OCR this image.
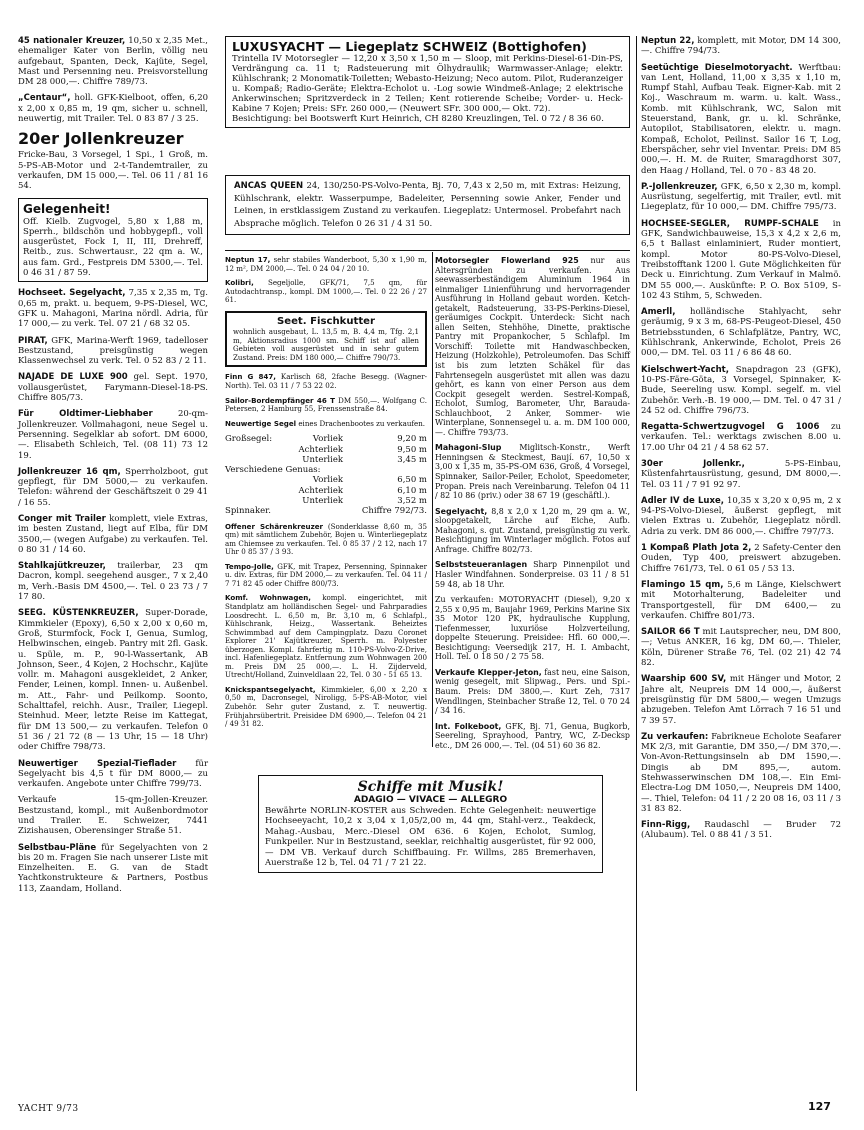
45 nationaler Kreuzer, 10,50 x 2,35 Met., ehemaliger Kater von Berlin, völlig neu aufgebaut, Spanten, Deck, Kajüte, Segel, Mast und Persenning neu. Preisvorstellung DM 28 000,—. Chiffre 789/73.
„Centaur“, holl. GFK-Kielboot, offen, 6,20 x 2,00 x 0,85 m, 19 qm, sicher u. schnell, neuwertig, mit Trailer. Tel. 0 83 87 / 3 25.
20er Jollenkreuzer
Fricke-Bau, 3 Vorsegel, 1 Spi., 1 Groß, m. 5-PS-AB-Motor und 2-t-Tandemtrailer, zu verkaufen, DM 15 000,—. Tel. 06 11 / 81 16 54.
Gelegenheit!
Off. Kielb. Zugvogel, 5,80 x 1,88 m, Sperrh., bildschön und hobbygepfl., voll ausgerüstet, Fock I, II, III, Drehreff, Reitb., zus. Schwertausr., 22 qm a. W., aus fam. Grd., Festpreis DM 5300,—. Tel. 0 46 31 / 87 59.
Hochseet. Segelyacht, 7,35 x 2,35 m, Tg. 0,65 m, prakt. u. bequem, 9-PS-Diesel, WC, GFK u. Mahagoni, Marina nördl. Adria, für 17 000,— zu verk. Tel. 07 21 / 68 32 05.
PIRAT, GFK, Marina-Werft 1969, tadelloser Bestzustand, preisgünstig wegen Klassenwechsel zu verk. Tel. 0 52 83 / 2 11.
NAJADE DE LUXE 900 gel. Sept. 1970, vollausgerüstet, Farymann-Diesel-18-PS. Chiffre 805/73.
Für Oldtimer-Liebhaber	20-qm-Jollenkreuzer. Vollmahagoni, neue Segel u. Persenning. Segelklar ab sofort. DM 6000,—. Elisabeth Schleich, Tel. (08 11) 73 12 19.
Jollenkreuzer 16 qm, Sperrholzboot, gut gepflegt, für DM 5000,— zu verkaufen. Telefon: während der Geschäftszeit 0 29 41 / 16 55.
Conger mit Trailer komplett, viele Extras, im besten Zustand, liegt auf Elba, für DM 3500,— (wegen Aufgabe) zu verkaufen. Tel. 0 80 31 / 14 60.
Stahlkajütkreuzer, trailerbar, 23 qm Dacron, kompl. seegehend ausger., 7 x 2,40 m, Verh.-Basis DM 4500,—. Tel. 0 23 73 / 7 17 80.
SEEG. KÜSTENKREUZER, Super-Dorade, Kimmkieler (Epoxy), 6,50 x 2,00 x 0,60 m, Groß, Sturmfock, Fock I, Genua, Sumlog, Helbwinschen, eingeb. Pantry mit 2fl. Gask. u. Spüle, m. P., 90-l-Wassertank, AB Johnson, Seer., 4 Kojen, 2 Hochschr., Kajüte vollr. m. Mahagoni ausgekleidet, 2 Anker, Fender, Leinen, kompl. Innen- u. Außenbel. m. Att., Fahr- und Peilkomp. Soonto, Schalttafel, reichh. Ausr., Trailer, Liegepl. Steinhud. Meer, letzte Reise im Kattegat, für DM 13 500,— zu verkaufen. Telefon 0 51 36 / 21 72 (8 — 13 Uhr, 15 — 18 Uhr) oder Chiffre 798/73.
Neuwertiger Spezial-Tieflader für Segelyacht bis 4,5 t für DM 8000,— zu verkaufen. Angebote unter Chiffre 799/73.
Verkaufe 15-qm-Jollen-Kreuzer. Bestzustand, kompl., mit Außenbordmotor und Trailer. E. Schweizer, 7441 Zizishausen, Oberensinger Straße 51.
Selbstbau-Pläne für Segelyachten von 2 bis 20 m. Fragen Sie nach unserer Liste mit Einzelheiten. E. G. van de Stadt Yachtkonstrukteure & Partners, Postbus 113, Zaandam, Holland.
LUXUSYACHT — Liegeplatz SCHWEIZ (Bottighofen)
Trintella IV Motorsegler — 12,20 x 3,50 x 1,50 m — Sloop, mit Perkins-Diesel-61-Din-PS, Verdrängung ca. 11 t; Radsteuerung mit Ölhydraulik; Warmwasser-Anlage; elektr. Kühlschrank; 2 Monomatik-Toiletten; Webasto-Heizung; Neco autom. Pilot, Ruderanzeiger u. Kompaß; Radio-Geräte; Elektra-Echolot u. -Log sowie Windmeß-Anlage; 2 elektrische Ankerwinschen; Spritzverdeck in 2 Teilen; Kent rotierende Scheibe; Vorder- u. Heck-Kabine 7 Kojen; Preis: SFr. 260 000,— (Neuwert SFr. 300 000,— Okt. 72).
Besichtigung: bei Bootswerft Kurt Heinrich, CH 8280 Kreuzlingen, Tel. 0 72 / 8 36 60.
ANCAS QUEEN 24, 130/250-PS-Volvo-Penta, Bj. 70, 7,43 x 2,50 m, mit Extras: Heizung, Kühlschrank, elektr. Wasserpumpe, Badeleiter, Persenning sowie Anker, Fender und Leinen, in erstklassigem Zustand zu verkaufen. Liegeplatz: Untermosel. Probefahrt nach Absprache möglich. Telefon 0 26 31 / 4 31 50.
Neptun 17, sehr stabiles Wanderboot, 5,30 x 1,90 m, 12 m², DM 2000,—. Tel. 0 24 04 / 20 10.
Kolibri, Segeljolle, GFK/71, 7,5 qm, für Autodachtransp., kompl. DM 1000,—. Tel. 0 22 26 / 27 61.
Seet. Fischkutter
wohnlich ausgebaut, L. 13,5 m, B. 4,4 m, Tfg. 2,1 m, Aktionsradius 1000 sm. Schiff ist auf allen Gebieten voll ausgerüstet und in sehr gutem Zustand. Preis: DM 180 000,— Chiffre 790/73.
Finn G 847, Karlisch 68, 2fache Besegg. (Wagner-North). Tel. 03 11 / 7 53 22 02.
Sailor-Bordempfänger 46 T DM 550,—. Wolfgang C. Petersen, 2 Hamburg 55, Frenssenstraße 84.
Neuwertige Segel eines Drachenbootes zu verkaufen.
Großsegel:	Vorliek	9,20 m
	Achterliek	9,50 m
	Unterliek	3,45 m
Verschiedene Genuas:		
	Vorliek	6,50 m
	Achterliek	6,10 m
	Unterliek	3,52 m
Spinnaker.		Chiffre 792/73.
Offener Schärenkreuzer (Sonderklasse 8,60 m, 35 qm) mit sämtlichem Zubehör, Bojen u. Winterliegeplatz am Chiemsee zu verkaufen. Tel. 0 85 37 / 2 12, nach 17 Uhr 0 85 37 / 3 93.
Tempo-Jolle, GFK, mit Trapez, Persenning, Spinnaker u. div. Extras, für DM 2000,— zu verkaufen. Tel. 04 11 / 7 71 82 45 oder Chiffre 800/73.
Komf. Wohnwagen, kompl. eingerichtet, mit Standplatz am holländischen Segel- und Fahrparadies Loosdrecht. L. 6,50 m, Br. 3,10 m, 6 Schlafpl., Kühlschrank, Heizg., Wassertank. Beheiztes Schwimmbad auf dem Campingplatz. Dazu Coronet Explorer 21' Kajütkreuzer, Sperrh. m. Polyester überzogen. Kompl. fahrfertig m. 110-PS-Volvo-Z-Drive, incl. Hafenliegeplatz. Entfernung zum Wohnwagen 200 m. Preis DM 25 000,—. L. H. Zijderveld, Utrecht/Holland, Zuinveldlaan 22, Tel. 0 30 - 51 65 13.
Knickspantsegelyacht, Kimmkieler, 6,00 x 2,20 x 0,50 m, Dacronsegel, Niroligg, 5-PS-AB-Motor, viel Zubehör. Sehr guter Zustand, z. T. neuwertig. Frühjahrsübertrit. Preisidee DM 6900,—. Telefon 04 21 / 49 31 82.
Motorsegler Flowerland 925 nur aus Altersgründen zu verkaufen. Aus seewasserbeständigem Aluminium 1964 in einmaliger Linienführung und hervorragender Ausführung in Holland gebaut worden. Ketch-getakelt, Radsteuerung, 33-PS-Perkins-Diesel, geräumiges Cockpit. Unterdeck: Sicht nach allen Seiten, Stehhöhe, Dinette, praktische Pantry mit Propankocher, 5 Schlafpl. Im Vorschiff: Toilette mit Handwaschbecken, Heizung (Holzkohle), Petroleumofen. Das Schiff ist bis zum letzten Schäkel für das Fahrtensegeln ausgerüstet mit allen was dazu gehört, es kann von einer Person aus dem Cockpit gesegelt werden. Sestrel-Kompaß, Echolot, Sumlog, Barometer, Uhr, Barauda-Schlauchboot, 2 Anker, Sommer- wie Winterplane, Sonnensegel u. a. m. DM 100 000,—. Chiffre 793/73.
Mahagoni-Slup Miglitsch-Konstr., Werft Henningsen & Steckmest, Baují. 67, 10,50 x 3,00 x 1,35 m, 35-PS-OM 636, Groß, 4 Vorsegel, Spinnaker, Sailor-Peiler, Echolot, Speedometer, Propan. Preis nach Vereinbarung. Telefon 04 11 / 82 10 86 (priv.) oder 38 67 19 (geschäftl.).
Segelyacht, 8,8 x 2,0 x 1,20 m, 29 qm a. W., sloopgetakelt, Lärche auf Eiche, Aufb. Mahagoni, s. gut. Zustand, preisgünstig zu verk. Besichtigung im Winterlager möglich. Fotos auf Anfrage. Chiffre 802/73.
Selbststeueranlagen Sharp Pinnenpilot und Hasler Windfahnen. Sonderpreise. 03 11 / 8 51 59 48, ab 18 Uhr.
Zu verkaufen: MOTORYACHT (Diesel), 9,20 x 2,55 x 0,95 m, Baujahr 1969, Perkins Marine Six 35 Motor 120 PK, hydraulische Kupplung, Tiefenmesser, luxuriöse Holzverteilung, doppelte Steuerung. Preisidee: Hfl. 60 000,—. Besichtigung: Veersedijk 217, H. I. Ambacht, Holl. Tel. 0 18 50 / 2 75 58.
Verkaufe Klepper-Jeton, fast neu, eine Saison, wenig gesegelt, mit Slipwag., Pers. und Spi.-Baum. Preis: DM 3800,—. Kurt Zeh, 7317 Wendlingen, Steinbacher Straße 12, Tel. 0 70 24 / 34 16.
Int. Folkeboot, GFK, Bj. 71, Genua, Bugkorb, Seereling, Sprayhood, Pantry, WC, Z-Decksp etc., DM 26 000,—. Tel. (04 51) 60 36 82.
Schiffe mit Musik!
ADAGIO — VIVACE — ALLEGRO
Bewährte NORLIN-KOSTER aus Schweden. Echte Gelegenheit: neuwertige Hochseeyacht, 10,2 x 3,04 x 1,05/2,00 m, 44 qm, Stahl-verz., Teakdeck, Mahag.-Ausbau, Merc.-Diesel OM 636. 6 Kojen, Echolot, Sumlog, Funkpeiler. Nur in Bestzustand, seeklar, reichhaltig ausgerüstet, für 92 000,— DM VB. Verkauf durch Schiffbauing. Fr. Willms, 285 Bremerhaven, Auerstraße 12 b, Tel. 04 71 / 7 21 22.
Neptun 22, komplett, mit Motor, DM 14 300,—. Chiffre 794/73.
Seetüchtige Dieselmotoryacht. Werftbau: van Lent, Holland, 11,00 x 3,35 x 1,10 m, Rumpf Stahl, Aufbau Teak. Eigner-Kab. mit 2 Koj., Waschraum m. warm. u. kalt. Wass., Komb. mit Kühlschrank, WC, Salon mit Steuerstand, Bank, gr. u. kl. Schränke, Autopilot, Stabilisatoren, elektr. u. magn. Kompaß, Echolot, Peilinst. Sailor 16 T, Log, Eberspächer, sehr viel Inventar. Preis: DM 85 000,—. H. M. de Ruiter, Smaragdhorst 307, den Haag / Holland, Tel. 0 70 - 83 48 20.
P.-Jollenkreuzer, GFK, 6,50 x 2,30 m, kompl. Ausrüstung, segelfertig, mit Trailer, evtl. mit Liegeplatz, für 10 000,— DM. Chiffre 795/73.
HOCHSEE-SEGLER, RUMPF-SCHALE in GFK, Sandwichbauweise, 15,3 x 4,2 x 2,6 m, 6,5 t Ballast einlaminiert, Ruder montiert, kompl. Motor 80-PS-Volvo-Diesel, Treibstofftank 1200 l. Gute Möglichkeiten für Deck u. Einrichtung. Zum Verkauf in Malmö. DM 55 000,—. Auskünfte: P. O. Box 5109, S-102 43 Stihm, 5, Schweden.
Amerll, holländische Stahlyacht, sehr geräumig, 9 x 3 m, 68-PS-Peugeot-Diesel, 450 Betriebsstunden, 6 Schlafplätze, Pantry, WC, Kühlschrank, Ankerwinde, Echolot, Preis 26 000,— DM. Tel. 03 11 / 6 86 48 60.
Kielschwert-Yacht, Snapdragon 23 (GFK), 10-PS-Färe-Göta, 3 Vorsegel, Spinnaker, K-Bude, Seereling usw. Kompl. segelf. m. viel Zubehör. Verh.-B. 19 000,— DM. Tel. 0 47 31 / 24 52 od. Chiffre 796/73.
Regatta-Schwertzugvogel G 1006 zu verkaufen. Tel.: werktags zwischen 8.00 u. 17.00 Uhr 04 21 / 4 58 62 57.
30er Jollenkr.,	5-PS-Einbau, Küstenfahrtausrüstung, gesund, DM 8000,—. Tel. 03 11 / 7 91 92 97.
Adler IV de Luxe, 10,35 x 3,20 x 0,95 m, 2 x 94-PS-Volvo-Diesel, äußerst gepflegt, mit vielen Extras u. Zubehör, Liegeplatz nördl. Adria zu verk. DM 86 000,—. Chiffre 797/73.
1 Kompaß Plath Jota 2, 2 Safety-Center den Ouden, Typ 400, preiswert abzugeben. Chiffre 761/73, Tel. 0 61 05 / 53 13.
Flamingo 15 qm, 5,6 m Länge, Kielschwert mit Motorhalterung, Badeleiter und Transportgestell, für DM 6400,— zu verkaufen. Chiffre 801/73.
SAILOR 66 T mit Lautsprecher, neu, DM 800,—; Vetus ANKER, 16 kg, DM 60,—. Thieler, Köln, Dürener Straße 76, Tel. (02 21) 42 74 82.
Waarship 600 SV, mit Hänger und Motor, 2 Jahre alt, Neupreis DM 14 000,—, äußerst preisgünstig für DM 5800,— wegen Umzugs abzugeben. Telefon Amt Lörrach 7 16 51 und 7 39 57.
Zu verkaufen: Fabrikneue Echolote Seafarer MK 2/3, mit Garantie, DM 350,—/ DM 370,—. Von-Avon-Rettungsinseln ab DM 1590,—. Dingis ab DM 895,—, autom. Stehwasserwinschen DM 108,—. Ein Emi-Electra-Log DM 1050,—, Neupreis DM 1400,—. Thiel, Telefon: 04 11 / 2 20 08 16, 03 11 / 3 31 83 82.
Finn-Rigg, Raudaschl — Bruder 72 (Alubaum). Tel. 0 88 41 / 3 51.
YACHT 9/73	127
